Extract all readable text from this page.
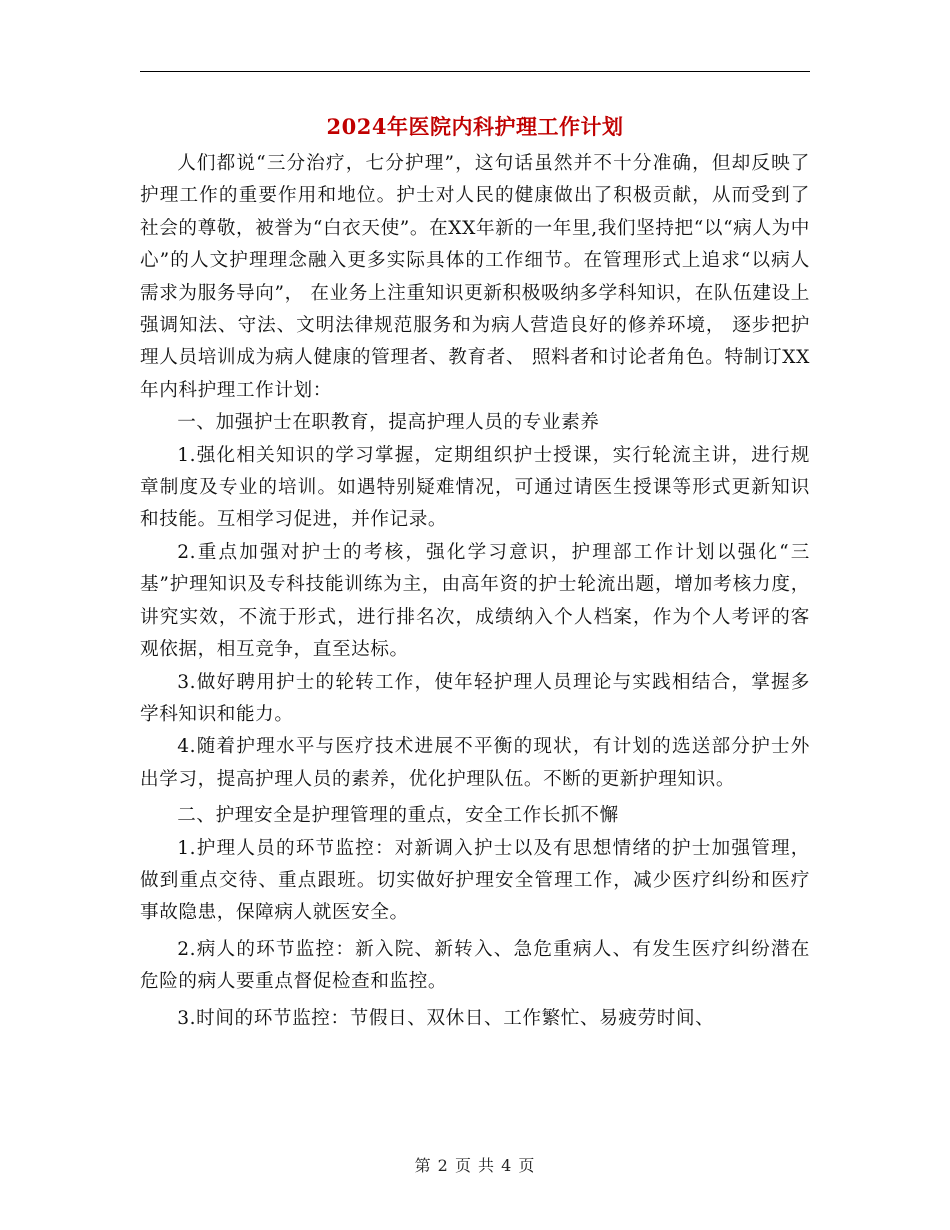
2024年医院内科护理工作计划

人们都说“三分治疗，七分护理”，这句话虽然并不十分准确，但却反映了护理工作的重要作用和地位。护士对人民的健康做出了积极贡献，从而受到了社会的尊敬，被誉为“白衣天使”。在XX年新的一年里,我们坚持把“以“病人为中心”的人文护理理念融入更多实际具体的工作细节。在管理形式上追求“以病人需求为服务导向”， 在业务上注重知识更新积极吸纳多学科知识，在队伍建设上强调知法、守法、文明法律规范服务和为病人营造良好的修养环境， 逐步把护理人员培训成为病人健康的管理者、教育者、 照料者和讨论者角色。特制订XX年内科护理工作计划：

一、加强护士在职教育，提高护理人员的专业素养

1.强化相关知识的学习掌握，定期组织护士授课，实行轮流主讲，进行规章制度及专业的培训。如遇特别疑难情况，可通过请医生授课等形式更新知识和技能。互相学习促进，并作记录。

2.重点加强对护士的考核，强化学习意识，护理部工作计划以强化“三基”护理知识及专科技能训练为主，由高年资的护士轮流出题，增加考核力度，讲究实效，不流于形式，进行排名次，成绩纳入个人档案，作为个人考评的客观依据，相互竞争，直至达标。

3.做好聘用护士的轮转工作，使年轻护理人员理论与实践相结合，掌握多学科知识和能力。

4.随着护理水平与医疗技术进展不平衡的现状，有计划的选送部分护士外出学习，提高护理人员的素养，优化护理队伍。不断的更新护理知识。

二、护理安全是护理管理的重点，安全工作长抓不懈

1.护理人员的环节监控：对新调入护士以及有思想情绪的护士加强管理，做到重点交待、重点跟班。切实做好护理安全管理工作，减少医疗纠纷和医疗事故隐患，保障病人就医安全。

2.病人的环节监控：新入院、新转入、急危重病人、有发生医疗纠纷潜在危险的病人要重点督促检查和监控。

3.时间的环节监控：节假日、双休日、工作繁忙、易疲劳时间、

第 2 页 共 4 页
